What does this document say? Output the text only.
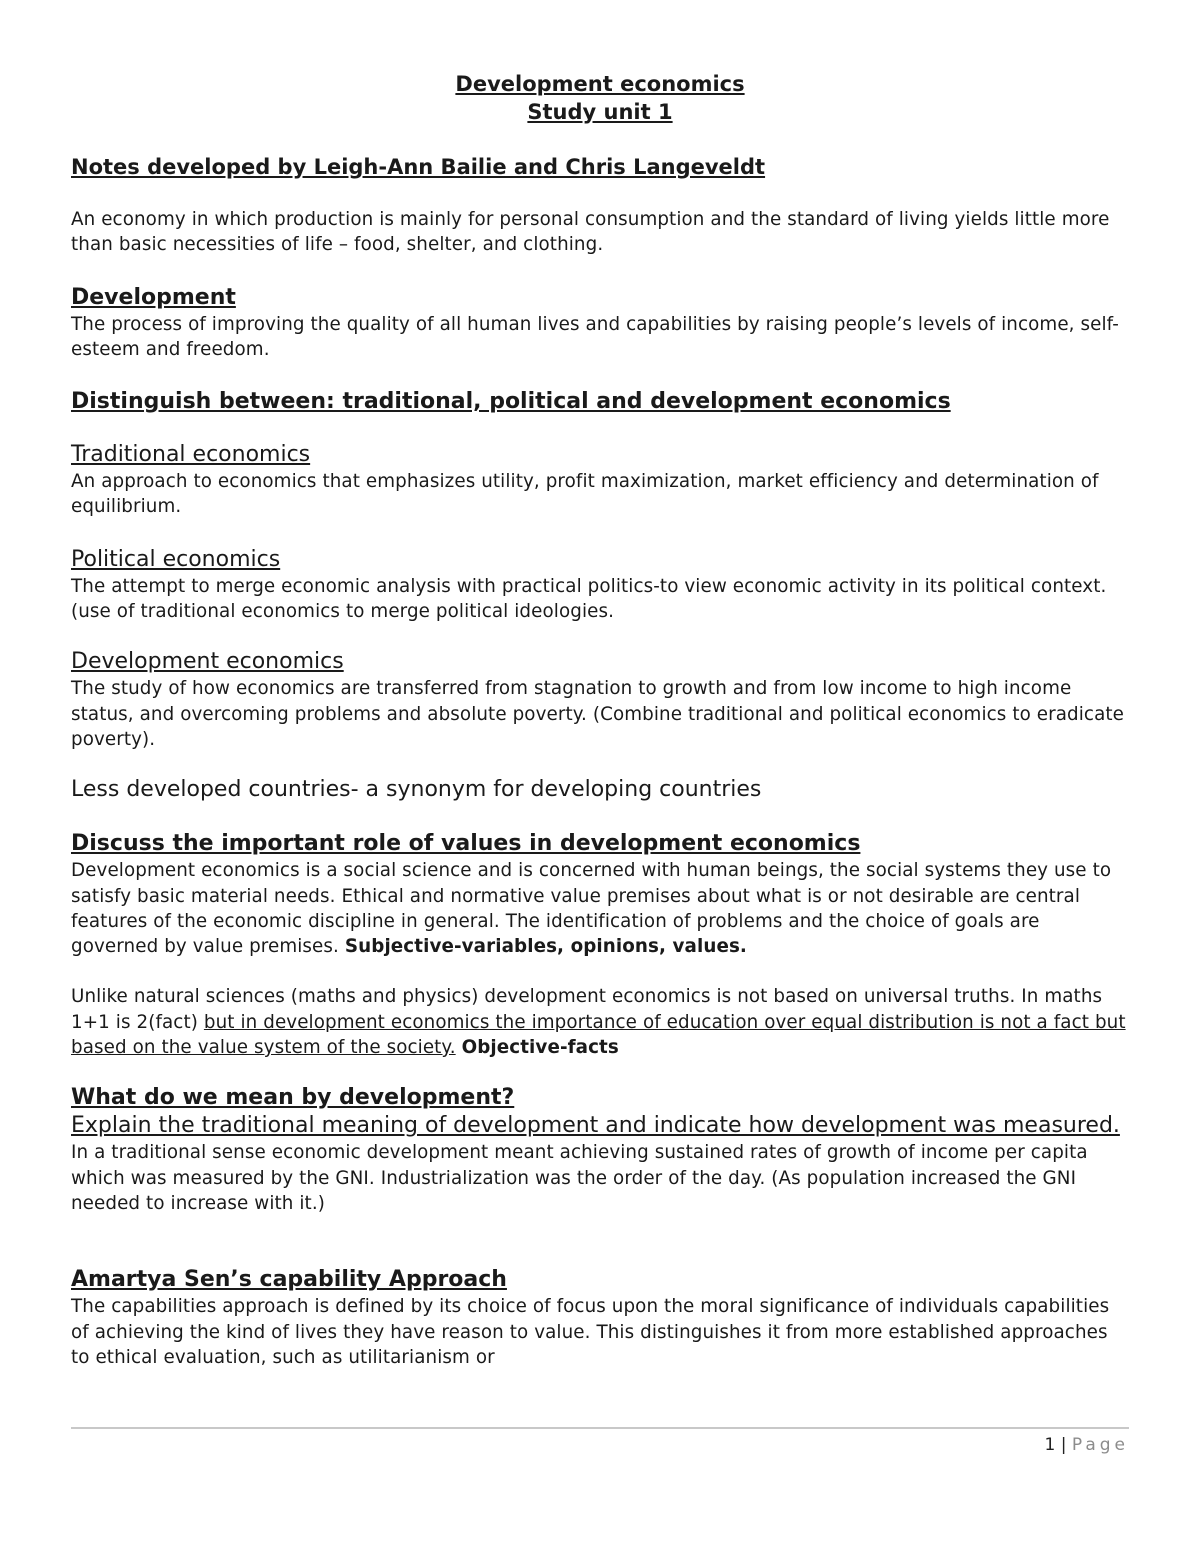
Development economics
Study unit 1
Notes developed by Leigh-Ann Bailie and Chris Langeveldt

An economy in which production is mainly for personal consumption and the standard of living yields little more than basic necessities of life – food, shelter, and clothing.

Development

The process of improving the quality of all human lives and capabilities by raising people’s levels of income, self-esteem and freedom.

Distinguish between: traditional, political and development economics
Traditional economics

An approach to economics that emphasizes utility, profit maximization, market efficiency and determination of equilibrium.

Political economics

The attempt to merge economic analysis with practical politics-to view economic activity in its political context. (use of traditional economics to merge political ideologies.

Development economics

The study of how economics are transferred from stagnation to growth and from low income to high income status, and overcoming problems and absolute poverty. (Combine traditional and political economics to eradicate poverty).

Less developed countries- a synonym for developing countries
Discuss the important role of values in development economics

Development economics is a social science and is concerned with human beings, the social systems they use to satisfy basic material needs. Ethical and normative value premises about what is or not desirable are central features of the economic discipline in general. The identification of problems and the choice of goals are governed by value premises. Subjective-variables, opinions, values.

Unlike natural sciences (maths and physics) development economics is not based on universal truths. In maths 1+1 is 2(fact) but in development economics the importance of education over equal distribution is not a fact but based on the value system of the society. Objective-facts

What do we mean by development?
Explain the traditional meaning of development and indicate how development was measured.

In a traditional sense economic development meant achieving sustained rates of growth of income per capita which was measured by the GNI. Industrialization was the order of the day. (As population increased the GNI needed to increase with it.)

Amartya Sen’s capability Approach

The capabilities approach is defined by its choice of focus upon the moral significance of individuals capabilities of achieving the kind of lives they have reason to value. This distinguishes it from more established approaches to ethical evaluation, such as utilitarianism or

1 | Page
